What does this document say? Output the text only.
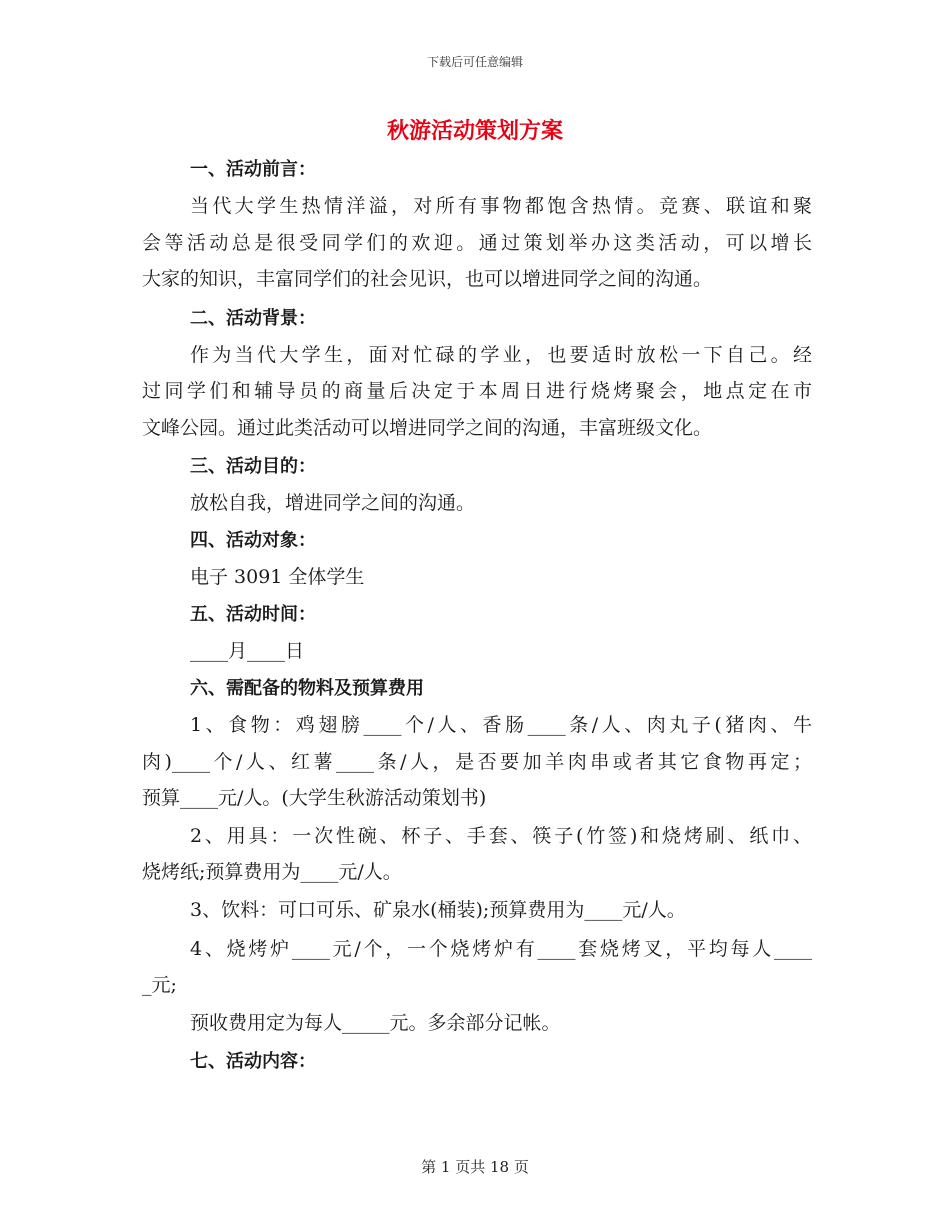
下载后可任意编辑
秋游活动策划方案
一、活动前言：
当代大学生热情洋溢，对所有事物都饱含热情。竞赛、联谊和聚
会等活动总是很受同学们的欢迎。通过策划举办这类活动，可以增长
大家的知识，丰富同学们的社会见识，也可以增进同学之间的沟通。
二、活动背景：
作为当代大学生，面对忙碌的学业，也要适时放松一下自己。经
过同学们和辅导员的商量后决定于本周日进行烧烤聚会，地点定在市
文峰公园。通过此类活动可以增进同学之间的沟通，丰富班级文化。
三、活动目的：
放松自我，增进同学之间的沟通。
四、活动对象：
电子 3091 全体学生
五、活动时间：
____月____日
六、需配备的物料及预算费用
1、食物：鸡翅膀____个/人、香肠____条/人、肉丸子(猪肉、牛
肉)____个/人、红薯____条/人，是否要加羊肉串或者其它食物再定；
预算____元/人。(大学生秋游活动策划书)
2、用具：一次性碗、杯子、手套、筷子(竹签)和烧烤刷、纸巾、
烧烤纸;预算费用为____元/人。
3、饮料：可口可乐、矿泉水(桶装);预算费用为____元/人。
4、烧烤炉____元/个，一个烧烤炉有____套烧烤叉，平均每人____
_元;
预收费用定为每人_____元。多余部分记帐。
七、活动内容：
第 1 页共 18 页
